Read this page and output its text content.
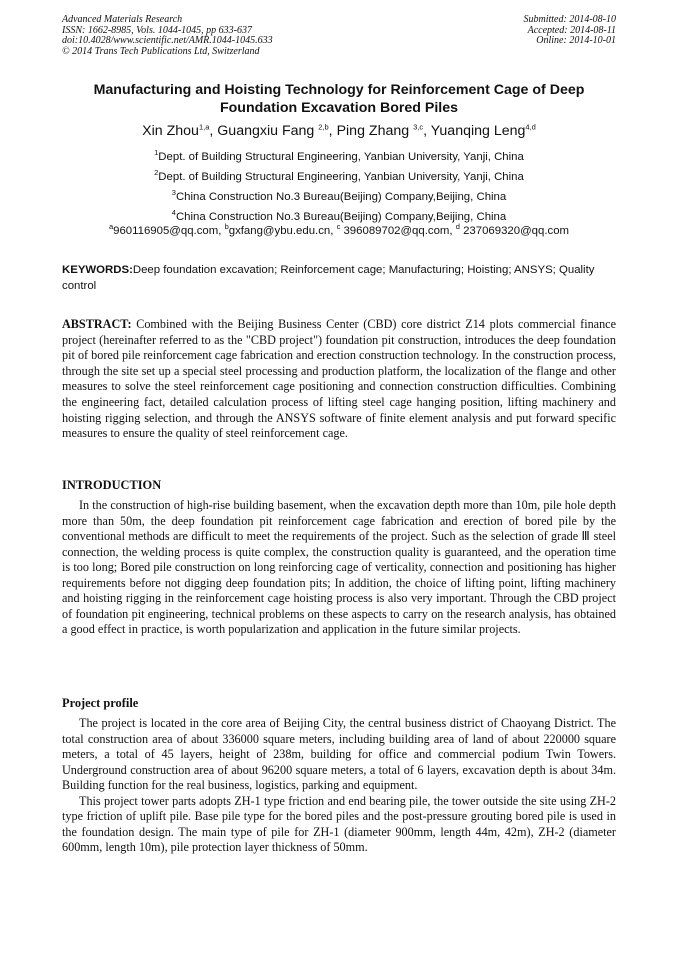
Advanced Materials Research
ISSN: 1662-8985, Vols. 1044-1045, pp 633-637
doi:10.4028/www.scientific.net/AMR.1044-1045.633
© 2014 Trans Tech Publications Ltd, Switzerland
Submitted: 2014-08-10
Accepted: 2014-08-11
Online: 2014-10-01
Manufacturing and Hoisting Technology for Reinforcement Cage of Deep Foundation Excavation Bored Piles
Xin Zhou$^{1,a}$, Guangxiu Fang $^{2,b}$, Ping Zhang $^{3,c}$, Yuanqing Leng$^{4,d}$
$^1$Dept. of Building Structural Engineering, Yanbian University, Yanji, China
$^2$Dept. of Building Structural Engineering, Yanbian University, Yanji, China
$^3$China Construction No.3 Bureau(Beijing) Company,Beijing, China
$^4$China Construction No.3 Bureau(Beijing) Company,Beijing, China
$^a$960116905@qq.com, $^b$gxfang@ybu.edu.cn, $^c$ 396089702@qq.com, $^d$ 237069320@qq.com
KEYWORDS:Deep foundation excavation; Reinforcement cage; Manufacturing; Hoisting; ANSYS; Quality control
ABSTRACT: Combined with the Beijing Business Center (CBD) core district Z14 plots commercial finance project (hereinafter referred to as the "CBD project") foundation pit construction, introduces the deep foundation pit of bored pile reinforcement cage fabrication and erection construction technology. In the construction process, through the site set up a special steel processing and production platform, the localization of the flange and other measures to solve the steel reinforcement cage positioning and connection construction difficulties. Combining the engineering fact, detailed calculation process of lifting steel cage hanging position, lifting machinery and hoisting rigging selection, and through the ANSYS software of finite element analysis and put forward specific measures to ensure the quality of steel reinforcement cage.
INTRODUCTION

In the construction of high-rise building basement, when the excavation depth more than 10m, pile hole depth more than 50m, the deep foundation pit reinforcement cage fabrication and erection of bored pile by the conventional methods are difficult to meet the requirements of the project. Such as the selection of grade Ⅲ steel connection, the welding process is quite complex, the construction quality is guaranteed, and the operation time is too long; Bored pile construction on long reinforcing cage of verticality, connection and positioning has higher requirements before not digging deep foundation pits; In addition, the choice of lifting point, lifting machinery and hoisting rigging in the reinforcement cage hoisting process is also very important. Through the CBD project of foundation pit engineering, technical problems on these aspects to carry on the research analysis, has obtained a good effect in practice, is worth popularization and application in the future similar projects.

Project profile

The project is located in the core area of Beijing City, the central business district of Chaoyang District. The total construction area of about 336000 square meters, including building area of land of about 220000 square meters, a total of 45 layers, height of 238m, building for office and commercial podium Twin Towers. Underground construction area of about 96200 square meters, a total of 6 layers, excavation depth is about 34m. Building function for the real business, logistics, parking and equipment.

This project tower parts adopts ZH-1 type friction and end bearing pile, the tower outside the site using ZH-2 type friction of uplift pile. Base pile type for the bored piles and the post-pressure grouting bored pile is used in the foundation design. The main type of pile for ZH-1 (diameter 900mm, length 44m, 42m), ZH-2 (diameter 600mm, length 10m), pile protection layer thickness of 50mm.
